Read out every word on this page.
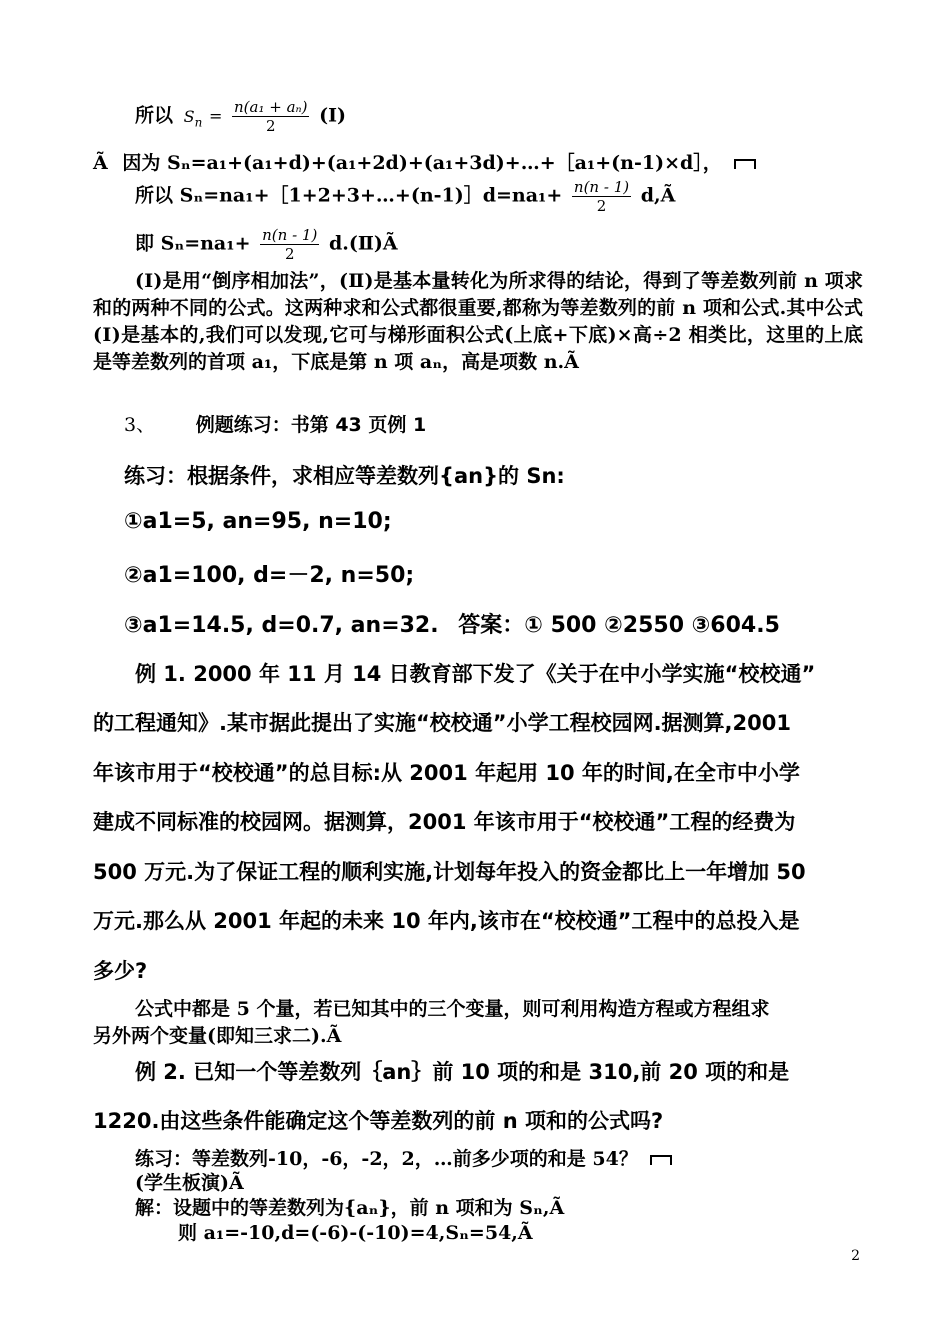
所以 $S_n = \frac{\text{n(a₁ + aₙ)}}{2}$ (Ⅰ)
Ã 因为 Sₙ=a₁+(a₁+d)+(a₁+2d)+(a₁+3d)+…+［a₁+(n-1)×d］，
所以 Sₙ=na₁+［1+2+3+…+(n-1)］d=na₁+ $\frac{n(n - 1)}{2}$ d,Ã
即 $S_n=na_1+ \frac{n(n - 1)}{2}$ d.(Ⅱ)Ã
(Ⅰ)是用“倒序相加法”，(Ⅱ)是基本量转化为所求得的结论，得到了等差数列前 n 项求和的两种不同的公式。这两种求和公式都很重要,都称为等差数列的前 n 项和公式.其中公式(Ⅰ)是基本的,我们可以发现,它可与梯形面积公式(上底+下底)×高÷2 相类比，这里的上底是等差数列的首项 a₁，下底是第 n 项 aₙ，高是项数 n.Ã
3、 例题练习：书第 43 页例 1
练习：根据条件，求相应等差数列{an}的 Sn:
①a1=5, an=95, n=10;
②a1=100, d=－2, n=50;
③a1=14.5, d=0.7, an=32. 答案：① 500 ②2550 ③604.5
例 1. 2000 年 11 月 14 日教育部下发了《关于在中小学实施“校校通”
的工程通知》.某市据此提出了实施“校校通”小学工程校园网.据测算,2001
年该市用于“校校通”的总目标:从 2001 年起用 10 年的时间,在全市中小学
建成不同标准的校园网。据测算，2001 年该市用于“校校通”工程的经费为
500 万元.为了保证工程的顺利实施,计划每年投入的资金都比上一年增加 50
万元.那么从 2001 年起的未来 10 年内,该市在“校校通”工程中的总投入是
多少?
公式中都是 5 个量，若已知其中的三个变量，则可利用构造方程或方程组求
另外两个变量(即知三求二).Ã
例 2. 已知一个等差数列｛an｝前 10 项的和是 310,前 20 项的和是
1220.由这些条件能确定这个等差数列的前 n 项和的公式吗?
练习：等差数列-10，-6，-2，2，…前多少项的和是 54？
(学生板演)Ã
解：设题中的等差数列为{aₙ}，前 n 项和为 Sₙ,Ã
则 a₁=-10,d=(-6)-(-10)=4,Sₙ=54,Ã
2
